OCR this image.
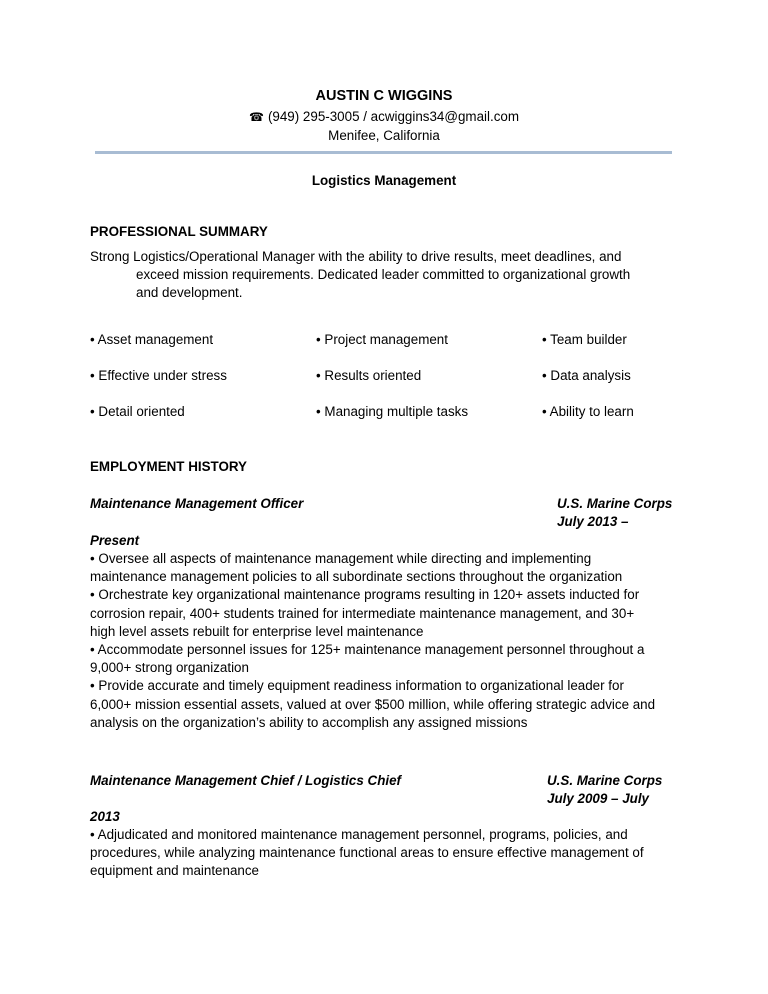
AUSTIN C WIGGINS
☎ (949) 295-3005 / acwiggins34@gmail.com
Menifee, California
Logistics Management
PROFESSIONAL SUMMARY
Strong Logistics/Operational Manager with the ability to drive results, meet deadlines, and
exceed mission requirements. Dedicated leader committed to organizational growth
and development.
• Asset management	• Project management	• Team builder
• Effective under stress	• Results oriented	• Data analysis
• Detail oriented	• Managing multiple tasks	• Ability to learn
EMPLOYMENT HISTORY
Maintenance Management Officer	U.S. Marine Corps
July 2013 –
Present
• Oversee all aspects of maintenance management while directing and implementing
maintenance management policies to all subordinate sections throughout the organization
• Orchestrate key organizational maintenance programs resulting in 120+ assets inducted for
corrosion repair, 400+ students trained for intermediate maintenance management, and 30+
high level assets rebuilt for enterprise level maintenance
• Accommodate personnel issues for 125+ maintenance management personnel throughout a
9,000+ strong organization
• Provide accurate and timely equipment readiness information to organizational leader for
6,000+ mission essential assets, valued at over $500 million, while offering strategic advice and
analysis on the organization’s ability to accomplish any assigned missions
Maintenance Management Chief / Logistics Chief	U.S. Marine Corps
July 2009 – July
2013
• Adjudicated and monitored maintenance management personnel, programs, policies, and
procedures, while analyzing maintenance functional areas to ensure effective management of
equipment and maintenance
